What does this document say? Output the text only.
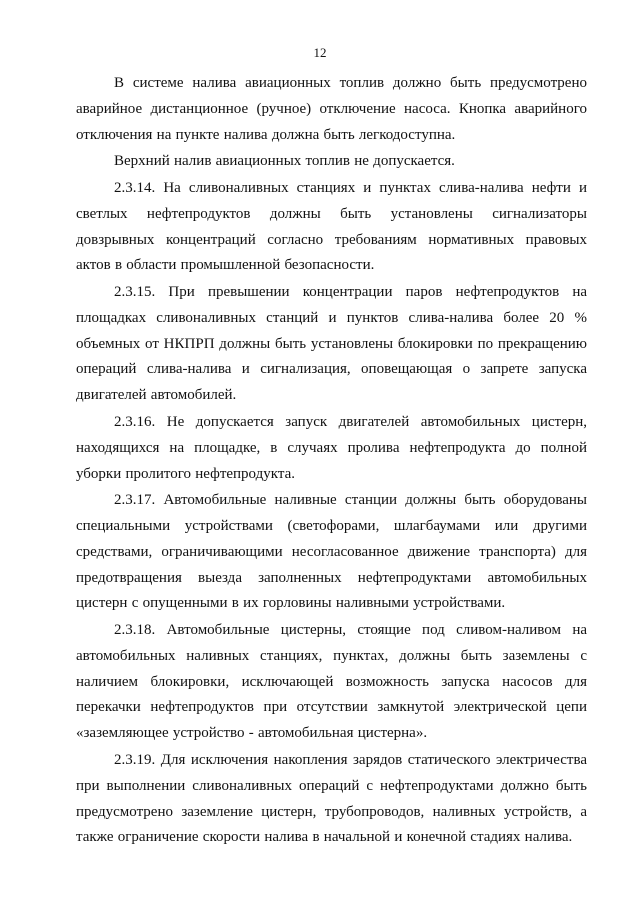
12

В системе налива авиационных топлив должно быть предусмотрено аварийное дистанционное (ручное) отключение насоса. Кнопка аварийного отключения на пункте налива должна быть легкодоступна.

Верхний налив авиационных топлив не допускается.

2.3.14. На сливоналивных станциях и пунктах слива-налива нефти и светлых нефтепродуктов должны быть установлены сигнализаторы довзрывных концентраций согласно требованиям нормативных правовых актов в области промышленной безопасности.

2.3.15. При превышении концентрации паров нефтепродуктов на площадках сливоналивных станций и пунктов слива-налива более 20 % объемных от НКПРП должны быть установлены блокировки по прекращению операций слива-налива и сигнализация, оповещающая о запрете запуска двигателей автомобилей.

2.3.16. Не допускается запуск двигателей автомобильных цистерн, находящихся на площадке, в случаях пролива нефтепродукта до полной уборки пролитого нефтепродукта.

2.3.17. Автомобильные наливные станции должны быть оборудованы специальными устройствами (светофорами, шлагбаумами или другими средствами, ограничивающими несогласованное движение транспорта) для предотвращения выезда заполненных нефтепродуктами автомобильных цистерн с опущенными в их горловины наливными устройствами.

2.3.18. Автомобильные цистерны, стоящие под сливом-наливом на автомобильных наливных станциях, пунктах, должны быть заземлены с наличием блокировки, исключающей возможность запуска насосов для перекачки нефтепродуктов при отсутствии замкнутой электрической цепи «заземляющее устройство - автомобильная цистерна».

2.3.19. Для исключения накопления зарядов статического электричества при выполнении сливоналивных операций с нефтепродуктами должно быть предусмотрено заземление цистерн, трубопроводов, наливных устройств, а также ограничение скорости налива в начальной и конечной стадиях налива.
